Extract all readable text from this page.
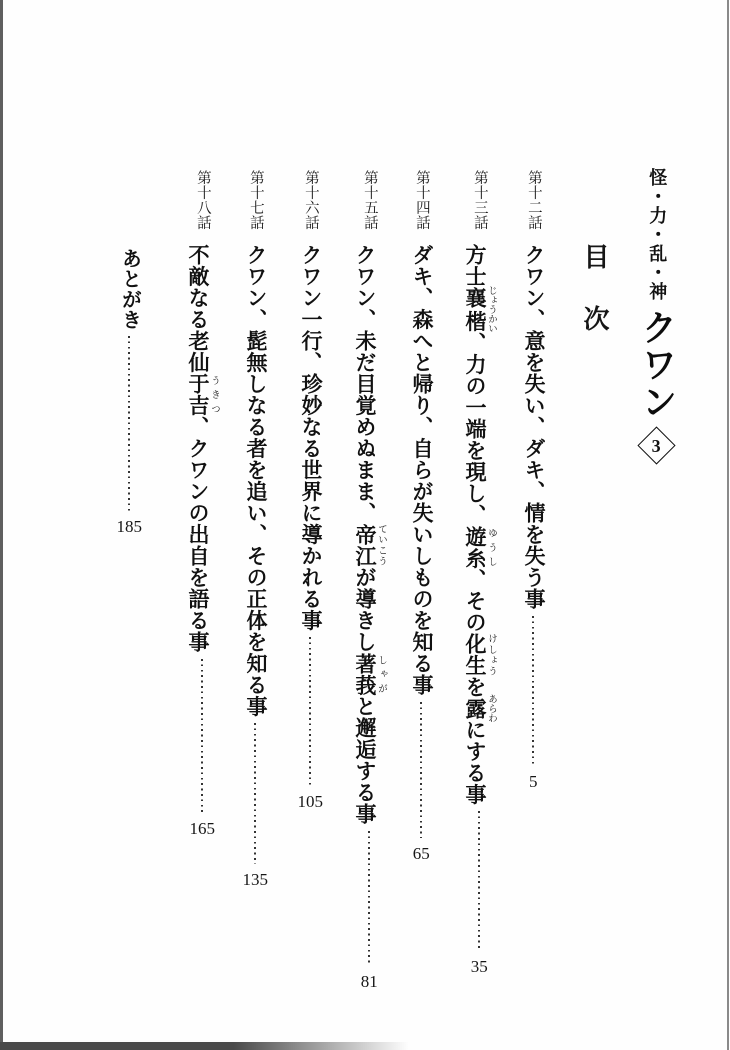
怪・力・乱・神
クワン
3
目次
第十二話
クワン、意を失い、ダキ、情を失う事
5
第十三話
方士襄楷 じょうかい、力の一端を現し、遊糸 ゆうし、その化生 けしょうを露 あらわにする事
35
第十四話
ダキ、森へと帰り、自らが失いしものを知る事
65
第十五話
クワン、未だ目覚めぬまま、帝江 ていこうが導きし著莪 しゃがと邂逅する事
81
第十六話
クワン一行、珍妙なる世界に導かれる事
105
第十七話
クワン、髭無しなる者を追い、その正体を知る事
135
第十八話
不敵なる老仙于吉 うきつ、クワンの出自を語る事
165
あとがき
185
